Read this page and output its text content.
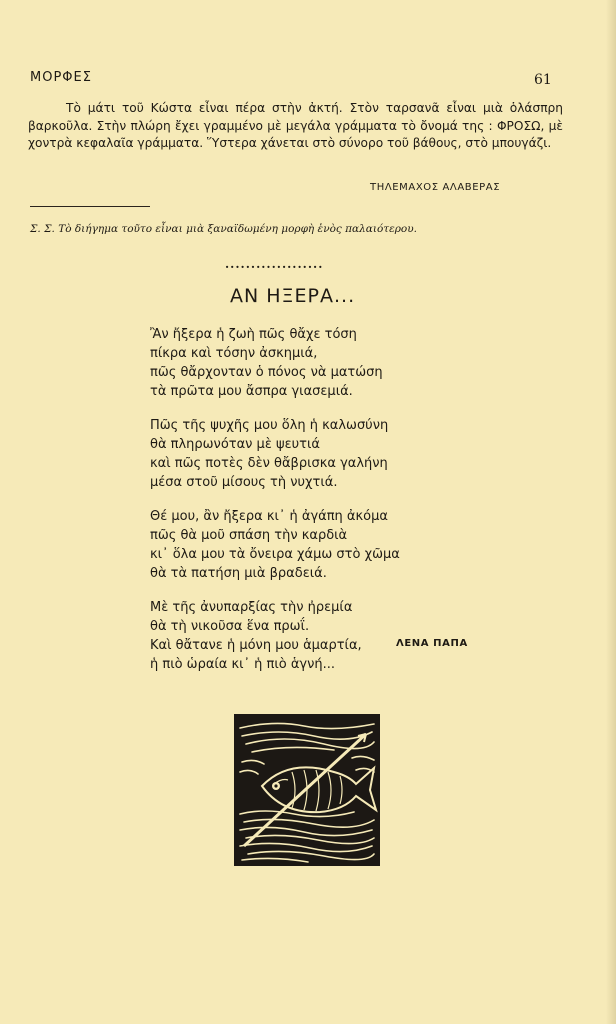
ΜΟΡΦΕΣ	61

Τὸ μάτι τοῦ Κώστα εἶναι πέρα στὴν ἀκτή. Στὸν ταρσανᾶ εἶναι μιὰ ὁλάσπρη βαρκοῦλα. Στὴν πλώρη ἔχει γραμμένο μὲ μεγάλα γράμματα τὸ ὄνομά της : ΦΡΟΣΩ, μὲ χοντρὰ κεφαλαῖα γράμματα. Ὕστερα χάνεται στὸ σύνορο τοῦ βάθους, στὸ μπουγάζι.

ΤΗΛΕΜΑΧΟΣ ΑΛΑΒΕΡΑΣ
Σ. Σ. Τὸ διήγημα τοῦτο εἶναι μιὰ ξαναϊδωμένη μορφὴ ἑνὸς παλαιότερου.
...................
ΑΝ ΗΞΕΡΑ...
Ἂν ἤξερα ἡ ζωὴ πῶς θἄχε τόση
πίκρα καὶ τόσην ἀσκημιά,
πῶς θἄρχονταν ὁ πόνος νὰ ματώση
τὰ πρῶτα μου ἄσπρα γιασεμιά.
Πῶς τῆς ψυχῆς μου ὅλη ἡ καλωσύνη
θὰ πληρωνόταν μὲ ψευτιά
καὶ πῶς ποτὲς δὲν θἄβρισκα γαλήνη
μέσα στοῦ μίσους τὴ νυχτιά.
Θέ μου, ἂν ἤξερα κι᾿ ἡ ἀγάπη ἀκόμα
πῶς θὰ μοῦ σπάση τὴν καρδιὰ
κι᾿ ὅλα μου τὰ ὄνειρα χάμω στὸ χῶμα
θὰ τὰ πατήση μιὰ βραδειά.
Μὲ τῆς ἀνυπαρξίας τὴν ἠρεμία
θὰ τὴ νικοῦσα ἕνα πρωΐ.
Καὶ θἄτανε ἡ μόνη μου ἁμαρτία,
ἡ πιὸ ὡραία κι᾿ ἡ πιὸ ἁγνή...
ΛΕΝΑ ΠΑΠΑ
